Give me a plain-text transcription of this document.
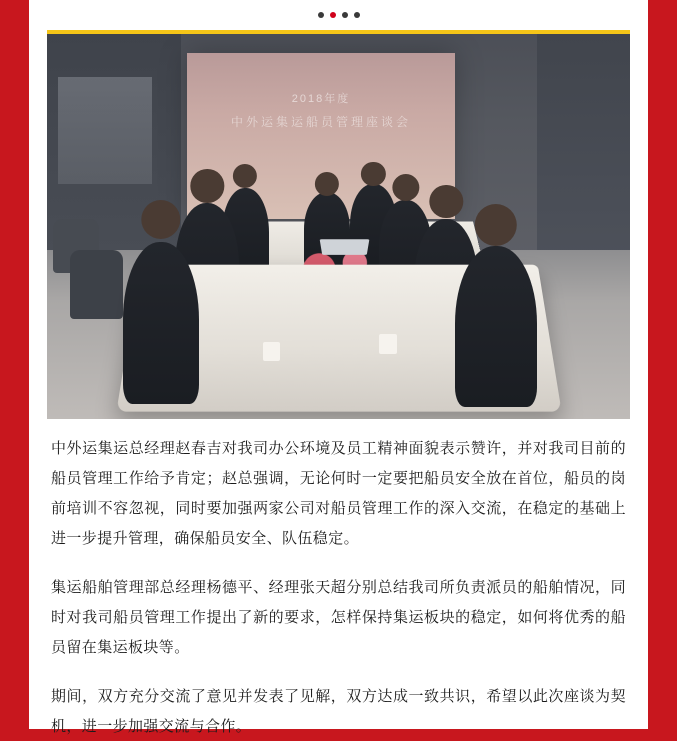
2018年度
中外运集运船员管理座谈会

中外运集运总经理赵春吉对我司办公环境及员工精神面貌表示赞许，并对我司目前的船员管理工作给予肯定；赵总强调，无论何时一定要把船员安全放在首位，船员的岗前培训不容忽视，同时要加强两家公司对船员管理工作的深入交流，在稳定的基础上进一步提升管理，确保船员安全、队伍稳定。

集运船舶管理部总经理杨德平、经理张天超分别总结我司所负责派员的船舶情况，同时对我司船员管理工作提出了新的要求，怎样保持集运板块的稳定，如何将优秀的船员留在集运板块等。

期间，双方充分交流了意见并发表了见解，双方达成一致共识，希望以此次座谈为契机，进一步加强交流与合作。
